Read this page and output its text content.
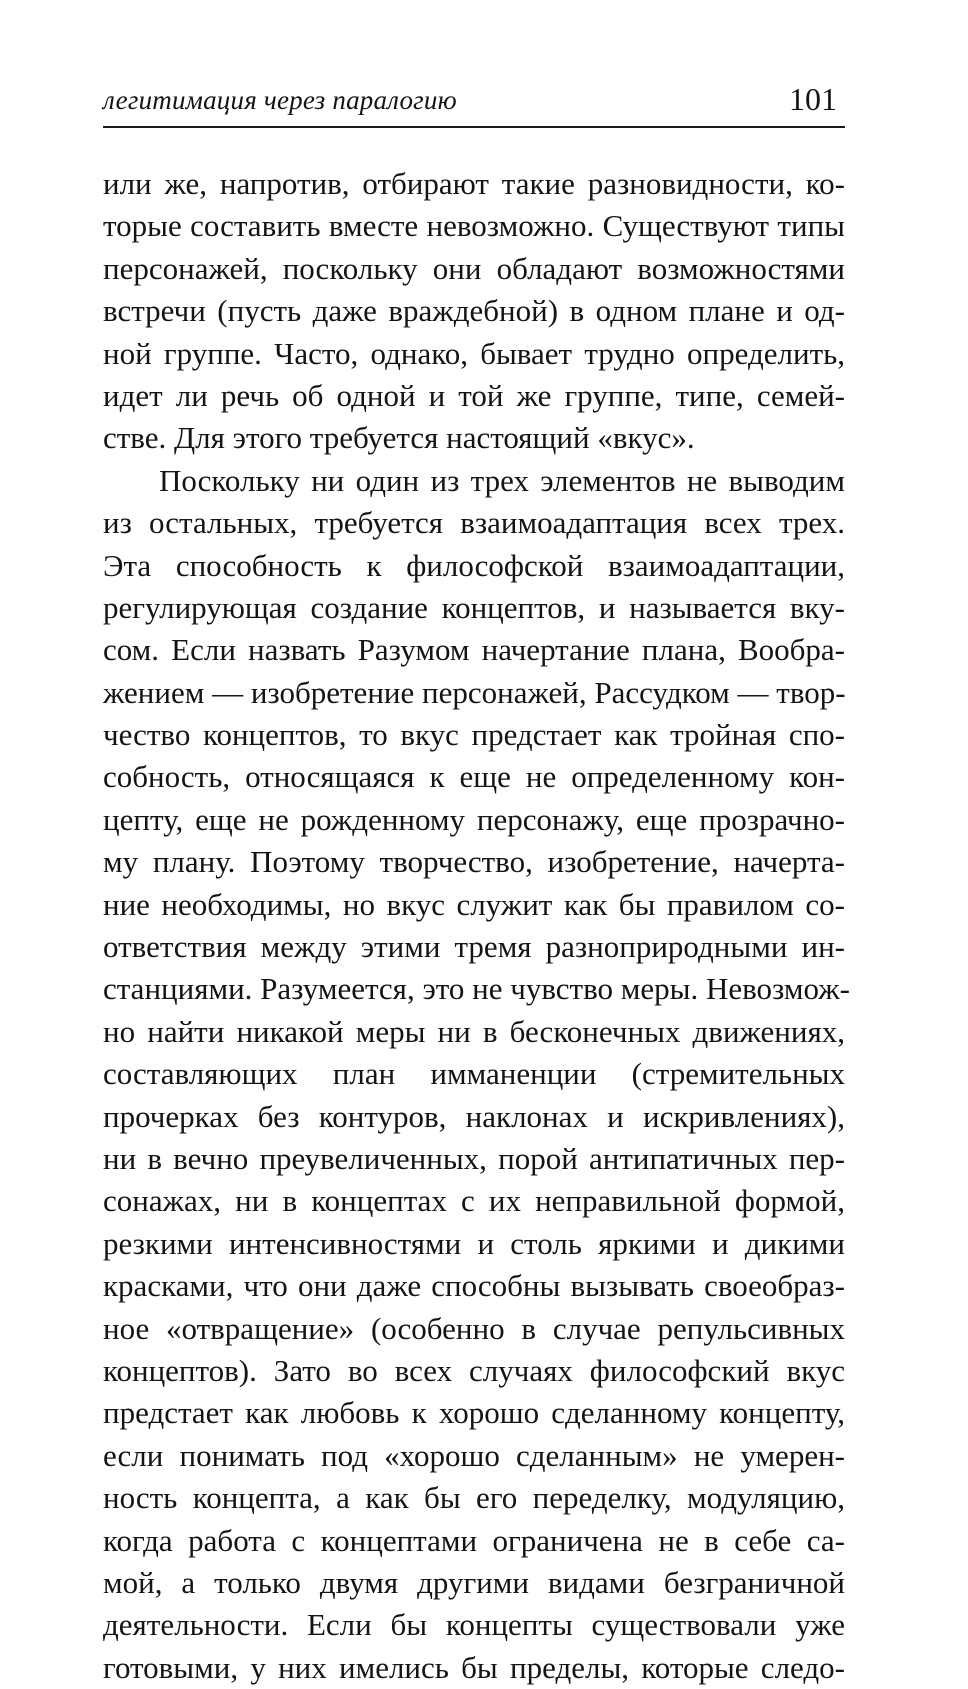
легитимация через паралогию	101
или же, напротив, отбирают такие разновидности, ко-
торые составить вместе невозможно. Существуют типы
персонажей, поскольку они обладают возможностями
встречи (пусть даже враждебной) в одном плане и од-
ной группе. Часто, однако, бывает трудно определить,
идет ли речь об одной и той же группе, типе, семей-
стве. Для этого требуется настоящий «вкус».
Поскольку ни один из трех элементов не выводим
из остальных, требуется взаимоадаптация всех трех.
Эта способность к философской взаимоадаптации,
регулирующая создание концептов, и называется вку-
сом. Если назвать Разумом начертание плана, Вообра-
жением — изобретение персонажей, Рассудком — твор-
чество концептов, то вкус предстает как тройная спо-
собность, относящаяся к еще не определенному кон-
цепту, еще не рожденному персонажу, еще прозрачно-
му плану. Поэтому творчество, изобретение, начерта-
ние необходимы, но вкус служит как бы правилом со-
ответствия между этими тремя разноприродными ин-
станциями. Разумеется, это не чувство меры. Невозмож-
но найти никакой меры ни в бесконечных движениях,
составляющих план имманенции (стремительных
прочерках без контуров, наклонах и искривлениях),
ни в вечно преувеличенных, порой антипатичных пер-
сонажах, ни в концептах с их неправильной формой,
резкими интенсивностями и столь яркими и дикими
красками, что они даже способны вызывать своеобраз-
ное «отвращение» (особенно в случае репульсивных
концептов). Зато во всех случаях философский вкус
предстает как любовь к хорошо сделанному концепту,
если понимать под «хорошо сделанным» не умерен-
ность концепта, а как бы его переделку, модуляцию,
когда работа с концептами ограничена не в себе са-
мой, а только двумя другими видами безграничной
деятельности. Если бы концепты существовали уже
готовыми, у них имелись бы пределы, которые следо-
